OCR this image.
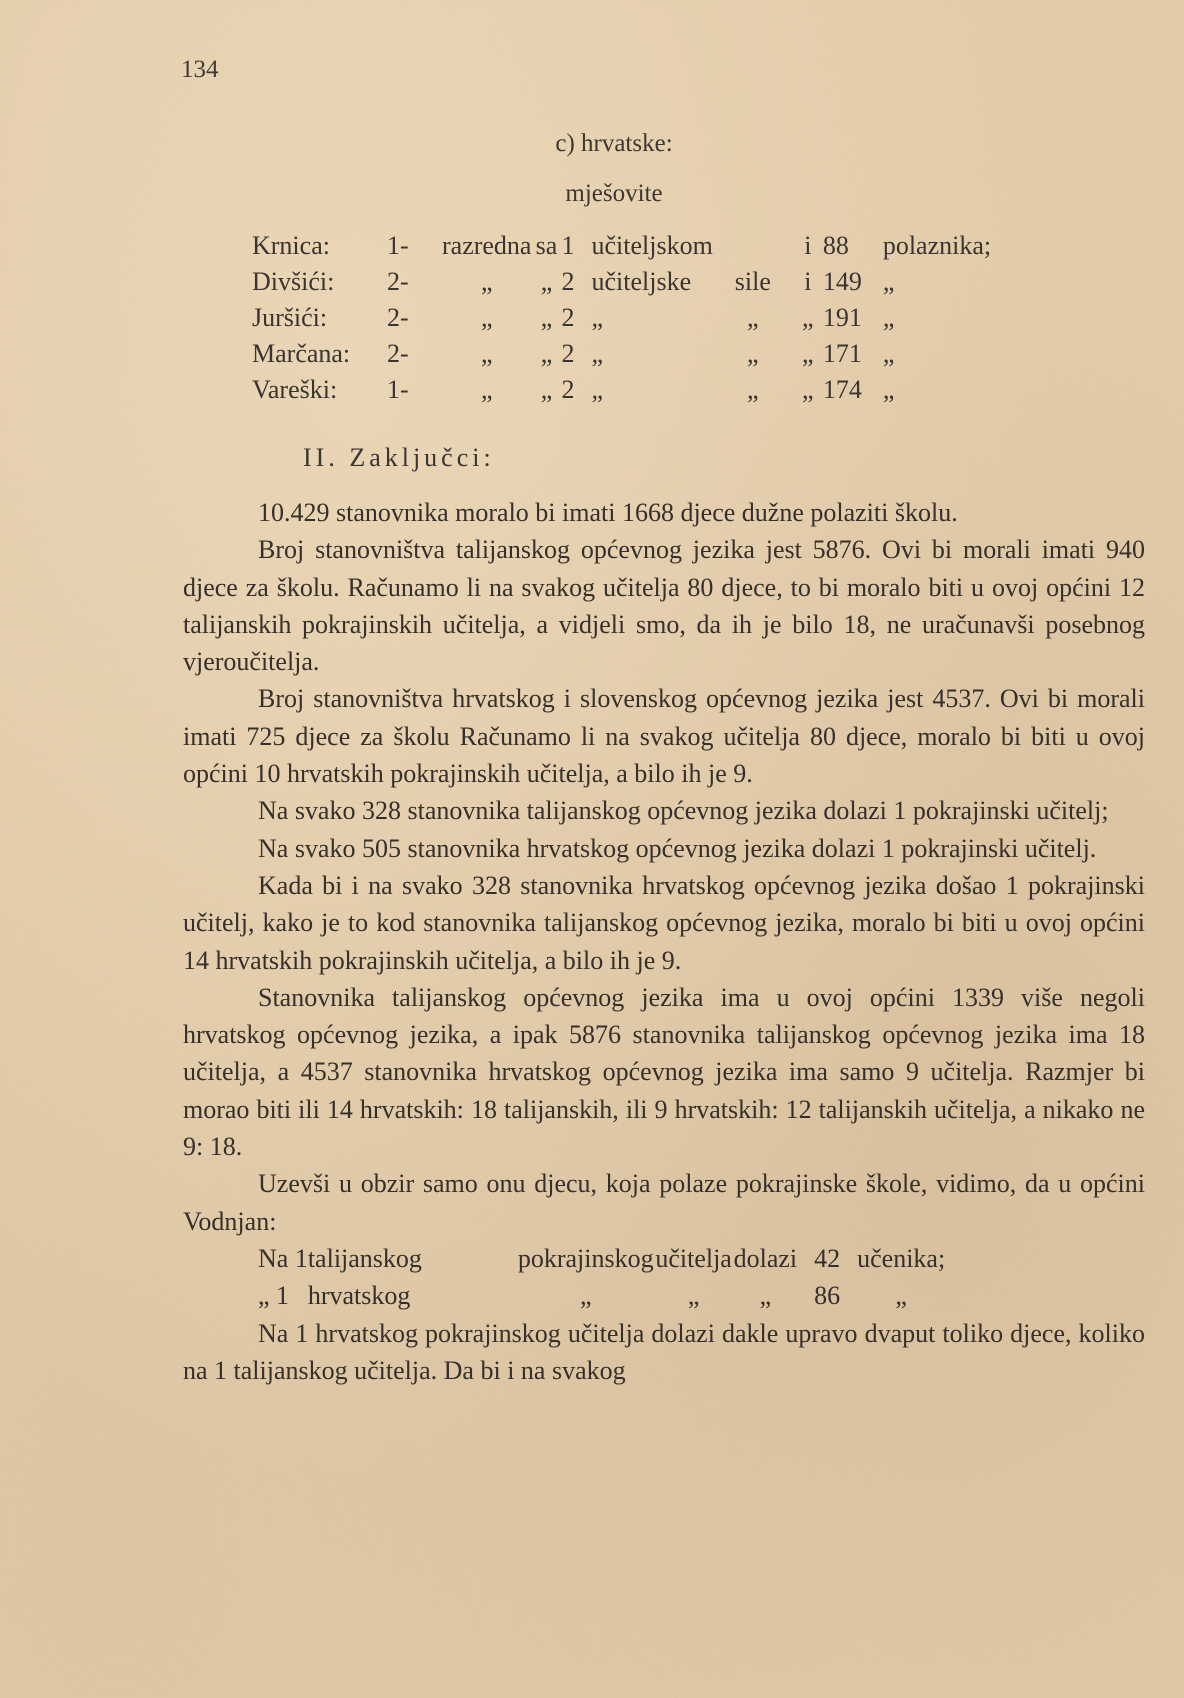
134
c) hrvatske:
mješovite
Krnica:	1-	razredna	sa	1	učiteljskom		i	88	polaznika;
Divšići:	2-	„	„	2	učiteljske	sile	i	149	„
Juršići:	2-	„	„	2	„	„	„	191	„
Marčana:	2-	„	„	2	„	„	„	171	„
Vareški:	1-	„	„	2	„	„	„	174	„
II. Zaključci:

10.429 stanovnika moralo bi imati 1668 djece dužne polaziti školu.

Broj stanovništva talijanskog općevnog jezika jest 5876. Ovi bi morali imati 940 djece za školu. Računamo li na svakog učitelja 80 djece, to bi moralo biti u ovoj općini 12 talijanskih pokrajinskih učitelja, a vidjeli smo, da ih je bilo 18, ne uračunavši posebnog vjeroučitelja.

Broj stanovništva hrvatskog i slovenskog općevnog jezika jest 4537. Ovi bi morali imati 725 djece za školu Računamo li na svakog učitelja 80 djece, moralo bi biti u ovoj općini 10 hrvatskih pokrajinskih učitelja, a bilo ih je 9.

Na svako 328 stanovnika talijanskog općevnog jezika dolazi 1 pokrajinski učitelj;

Na svako 505 stanovnika hrvatskog općevnog jezika dolazi 1 pokrajinski učitelj.

Kada bi i na svako 328 stanovnika hrvatskog općevnog jezika došao 1 pokrajinski učitelj, kako je to kod stanovnika talijanskog općevnog jezika, moralo bi biti u ovoj općini 14 hrvatskih pokrajinskih učitelja, a bilo ih je 9.

Stanovnika talijanskog općevnog jezika ima u ovoj općini 1339 više negoli hrvatskog općevnog jezika, a ipak 5876 stanovnika talijanskog općevnog jezika ima 18 učitelja, a 4537 stanovnika hrvatskog općevnog jezika ima samo 9 učitelja. Razmjer bi morao biti ili 14 hrvatskih: 18 talijanskih, ili 9 hrvatskih: 12 talijanskih učitelja, a nikako ne 9: 18.

Uzevši u obzir samo onu djecu, koja polaze pokrajinske škole, vidimo, da u općini Vodnjan:

Na 1	talijanskog	pokrajinskog	učitelja	dolazi	42	učenika;
„ 1	hrvatskog	„	„	„	86	„

Na 1 hrvatskog pokrajinskog učitelja dolazi dakle upravo dvaput toliko djece, koliko na 1 talijanskog učitelja. Da bi i na svakog
